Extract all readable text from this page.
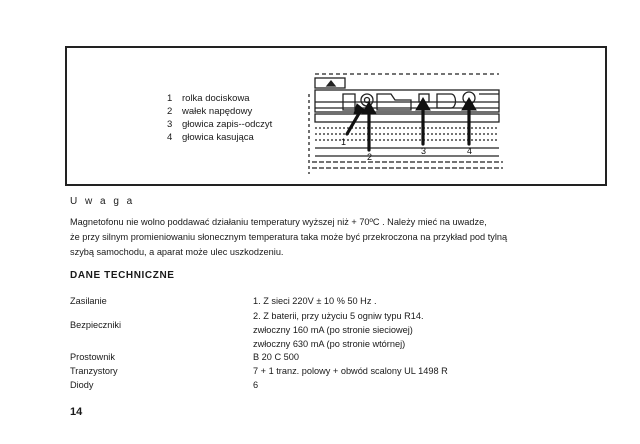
1 rolka dociskowa
2 wałek napędowy
3 głowica zapis--odczyt
4 głowica kasująca	1
2
3	4
U w a g a
Magnetofonu nie wolno poddawać działaniu temperatury wyższej niż + 70ºC . Należy mieć na uwadze,
że przy silnym promieniowaniu słonecznym temperatura taka może być przekroczona na przykład pod tylną
szybą samochodu, a aparat może ulec uszkodzeniu.
DANE TECHNICZNE
Zasilanie	1. Z sieci 220V ± 10 % 50 Hz .
2. Z baterii, przy użyciu 5 ogniw typu R14.
Bezpieczniki	zwłoczny 160 mA (po stronie sieciowej)
zwłoczny 630 mA (po stronie wtórnej)
Prostownik	B 20 C 500
Tranzystory	7 + 1 tranz. polowy + obwód scalony UL 1498 R
Diody	6
14
